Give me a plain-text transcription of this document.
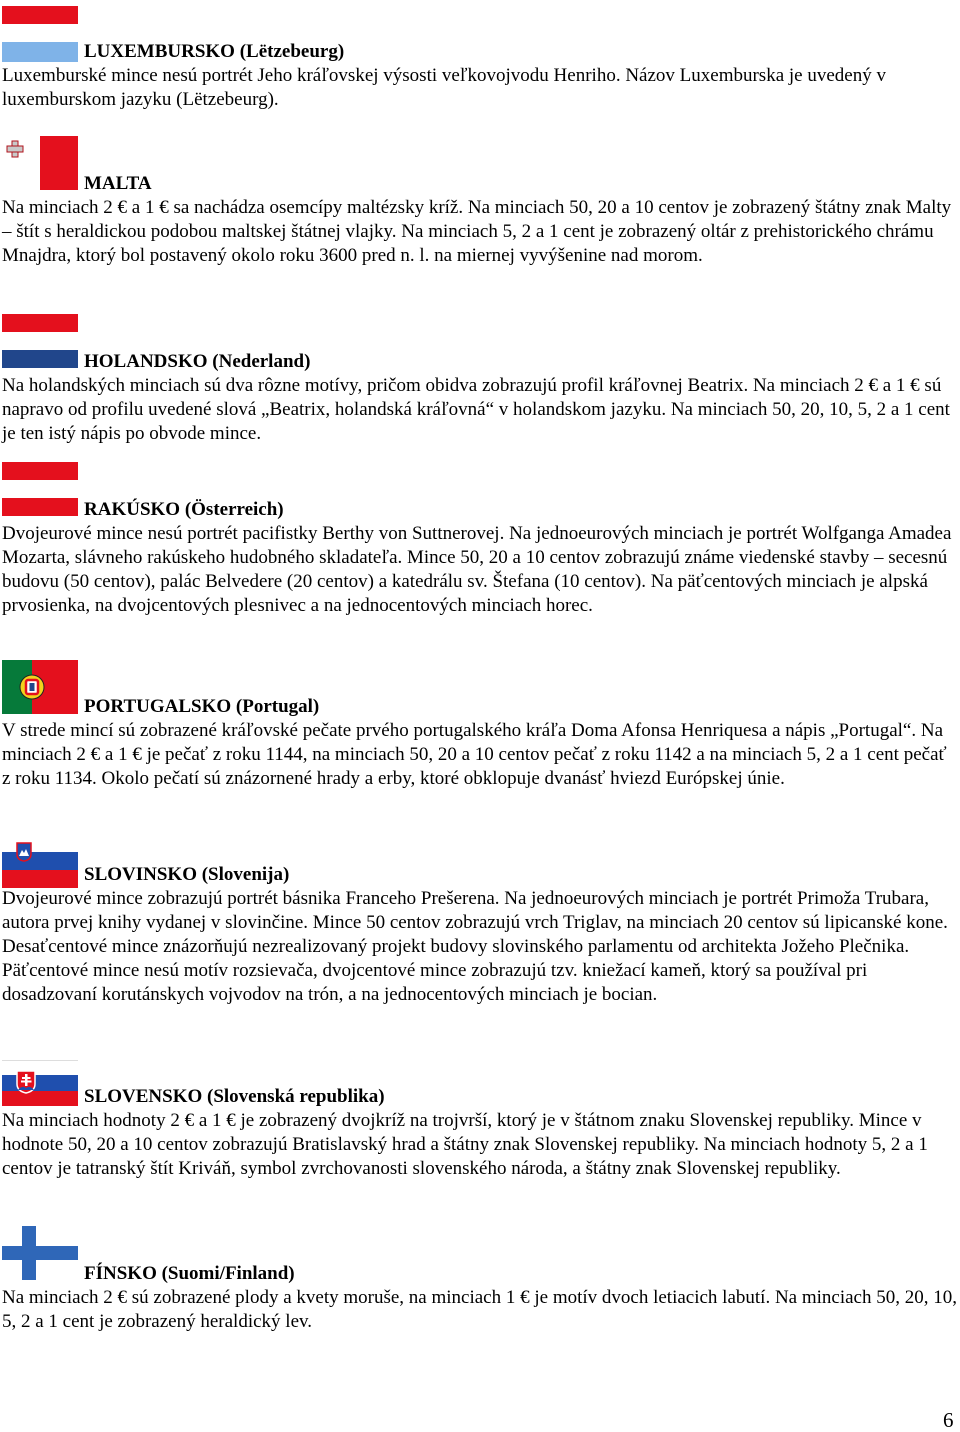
LUXEMBURSKO (Lëtzebeurg)

Luxemburské mince nesú portrét Jeho kráľovskej výsosti veľkovojvodu Henriho. Názov Luxemburska je uvedený v luxemburskom jazyku (Lëtzebeurg).

MALTA

Na minciach 2 € a 1 € sa nachádza osemcípy maltézsky kríž. Na minciach 50, 20 a 10 centov je zobrazený štátny znak Malty – štít s heraldickou podobou maltskej štátnej vlajky. Na minciach 5, 2 a 1 cent je zobrazený oltár z prehistorického chrámu Mnajdra, ktorý bol postavený okolo roku 3600 pred n. l. na miernej vyvýšenine nad morom.

HOLANDSKO (Nederland)

Na holandských minciach sú dva rôzne motívy, pričom obidva zobrazujú profil kráľovnej Beatrix. Na minciach 2 € a 1 € sú napravo od profilu uvedené slová „Beatrix, holandská kráľovná“ v holandskom jazyku. Na minciach 50, 20, 10, 5, 2 a 1 cent je ten istý nápis po obvode mince.

RAKÚSKO (Österreich)

Dvojeurové mince nesú portrét pacifistky Berthy von Suttnerovej. Na jednoeurových minciach je portrét Wolfganga Amadea Mozarta, slávneho rakúskeho hudobného skladateľa. Mince 50, 20 a 10 centov zobrazujú známe viedenské stavby – secesnú budovu (50 centov), palác Belvedere (20 centov) a katedrálu sv. Štefana (10 centov). Na päťcentových minciach je alpská prvosienka, na dvojcentových plesnivec a na jednocentových minciach horec.

PORTUGALSKO (Portugal)

V strede mincí sú zobrazené kráľovské pečate prvého portugalského kráľa Doma Afonsa Henriquesa a nápis „Portugal“. Na minciach 2 € a 1 € je pečať z roku 1144, na minciach 50, 20 a 10 centov pečať z roku 1142 a na minciach 5, 2 a 1 cent pečať z roku 1134. Okolo pečatí sú znázornené hrady a erby, ktoré obklopuje dvanásť hviezd Európskej únie.

SLOVINSKO (Slovenija)

Dvojeurové mince zobrazujú portrét básnika Franceho Prešerena. Na jednoeurových minciach je portrét Primoža Trubara, autora prvej knihy vydanej v slovinčine. Mince 50 centov zobrazujú vrch Triglav, na minciach 20 centov sú lipicanské kone. Desaťcentové mince znázorňujú nezrealizovaný projekt budovy slovinského parlamentu od architekta Jožeho Plečnika. Päťcentové mince nesú motív rozsievača, dvojcentové mince zobrazujú tzv. kniežací kameň, ktorý sa používal pri dosadzovaní korutánskych vojvodov na trón, a na jednocentových minciach je bocian.

SLOVENSKO (Slovenská republika)

Na minciach hodnoty 2 € a 1 € je zobrazený dvojkríž na trojvrší, ktorý je v štátnom znaku Slovenskej republiky. Mince v hodnote 50, 20 a 10 centov zobrazujú Bratislavský hrad a štátny znak Slovenskej republiky. Na minciach hodnoty 5, 2 a 1 centov je tatranský štít Kriváň, symbol zvrchovanosti slovenského národa, a štátny znak Slovenskej republiky.

FÍNSKO (Suomi/Finland)

Na minciach 2 € sú zobrazené plody a kvety moruše, na minciach 1 € je motív dvoch letiacich labutí. Na minciach 50, 20, 10, 5, 2 a 1 cent je zobrazený heraldický lev.

6
